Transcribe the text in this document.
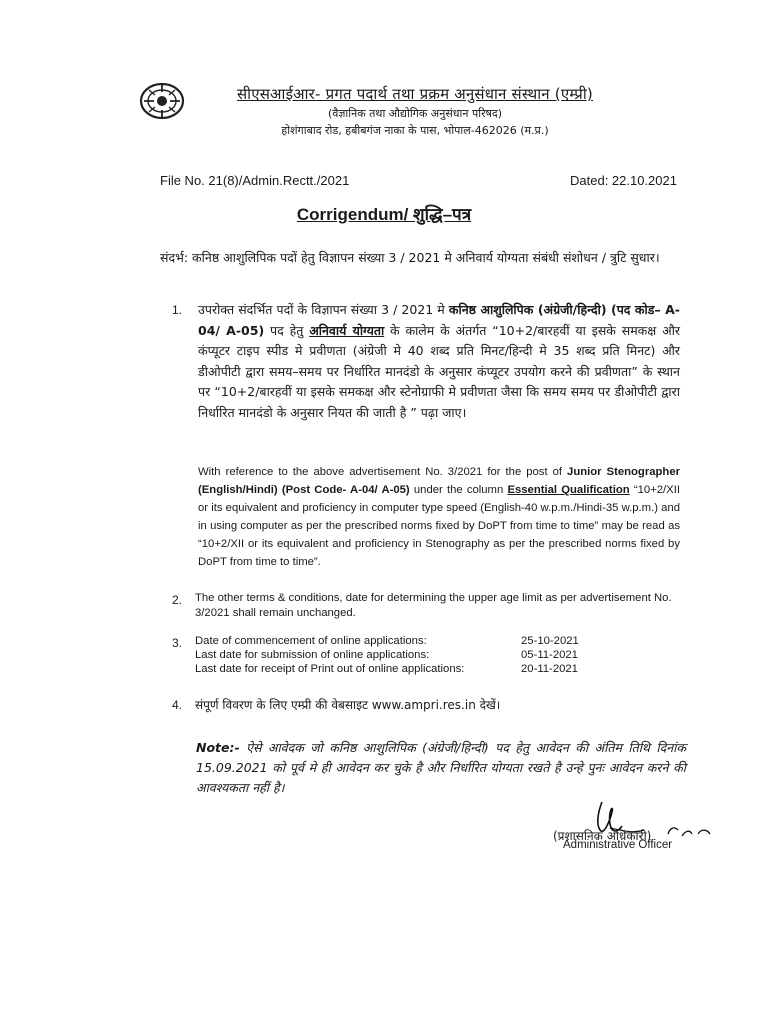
सीएसआईआर- प्रगत पदार्थ तथा प्रक्रम अनुसंधान संस्थान (एम्प्री)
(वैज्ञानिक तथा औद्योगिक अनुसंधान परिषद)
होशंगाबाद रोड, हबीबगंज नाका के पास, भोपाल-462026 (म.प्र.)
File No. 21(8)/Admin.Rectt./2021	Dated: 22.10.2021
Corrigendum/ शुद्धि–पत्र
संदर्भ: कनिष्ठ आशुलिपिक पदों हेतु विज्ञापन संख्या 3 / 2021 मे अनिवार्य योग्यता संबंधी संशोधन / त्रुटि सुधार।
1. उपरोक्त संदर्भित पदों के विज्ञापन संख्या 3 / 2021 मे कनिष्ठ आशुलिपिक (अंग्रेजी/हिन्दी) (पद कोड– A-04/ A-05) पद हेतु अनिवार्य योग्यता के कालेम के अंतर्गत “10+2/बारहवीं या इसके समकक्ष और कंप्यूटर टाइप स्पीड मे प्रवीणता (अंग्रेजी मे 40 शब्द प्रति मिनट/हिन्दी मे 35 शब्द प्रति मिनट) और डीओपीटी द्वारा समय–समय पर निर्धारित मानदंडो के अनुसार कंप्यूटर उपयोग करने की प्रवीणता” के स्थान पर “10+2/बारहवीं या इसके समकक्ष और स्टेनोग्राफी मे प्रवीणता जैसा कि समय समय पर डीओपीटी द्वारा निर्धारित मानदंडो के अनुसार नियत की जाती है ” पढ़ा जाए।
With reference to the above advertisement No. 3/2021 for the post of Junior Stenographer (English/Hindi) (Post Code- A-04/ A-05) under the column Essential Qualification “10+2/XII or its equivalent and proficiency in computer type speed (English-40 w.p.m./Hindi-35 w.p.m.) and in using computer as per the prescribed norms fixed by DoPT from time to time” may be read as “10+2/XII or its equivalent and proficiency in Stenography as per the prescribed norms fixed by DoPT from time to time”.
2. The other terms & conditions, date for determining the upper age limit as per advertisement No. 3/2021 shall remain unchanged.
3. Date of commencement of online applications:	25-10-2021
Last date for submission of online applications:	05-11-2021
Last date for receipt of Print out of online applications:	20-11-2021
4. संपूर्ण विवरण के लिए एम्प्री की वेबसाइट www.ampri.res.in देखें।
Note:- ऐसे आवेदक जो कनिष्ठ आशुलिपिक (अंग्रेजी/हिन्दी) पद हेतु आवेदन की अंतिम तिथि दिनांक 15.09.2021 को पूर्व मे ही आवेदन कर चुके है और निर्धारित योग्यता रखते है उन्हे पुनः आवेदन करने की आवश्यकता नहीं है।
(प्रशासनिक अधिकारी)
Administrative Officer
